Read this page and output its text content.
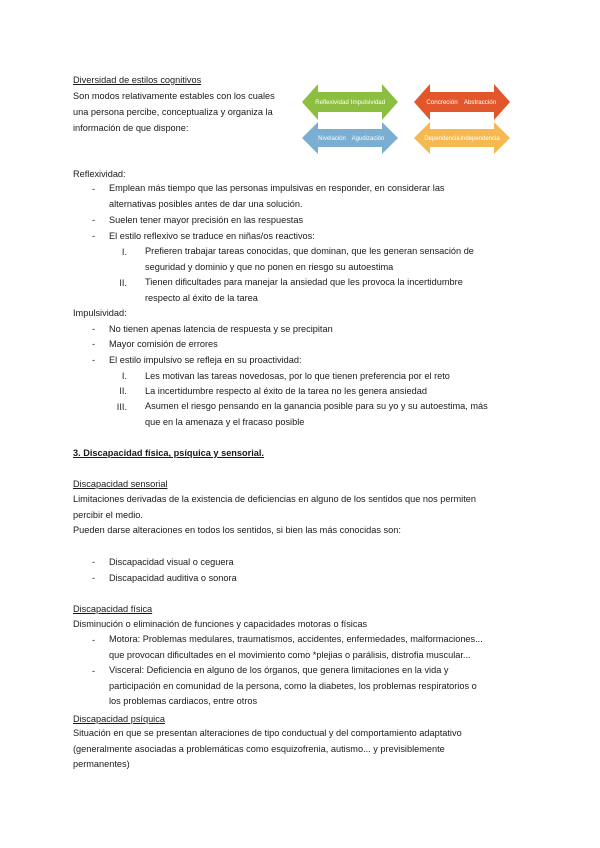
Diversidad de estilos cognitivos
Son modos relativamente estables con los cuales
una persona percibe, conceptualiza y organiza la
información de que dispone:
Reflexividad Impulsividad	Concreción Abstracción
Nivelación Agudización	Dependencia Independencia
Reflexividad:
- Emplean más tiempo que las personas impulsivas en responder, en considerar las
alternativas posibles antes de dar una solución.
- Suelen tener mayor precisión en las respuestas
- El estilo reflexivo se traduce en niñas/os reactivos:
I. Prefieren trabajar tareas conocidas, que dominan, que les generan sensación de
seguridad y dominio y que no ponen en riesgo su autoestima
II. Tienen dificultades para manejar la ansiedad que les provoca la incertidumbre
respecto al éxito de la tarea
Impulsividad:
- No tienen apenas latencia de respuesta y se precipitan
- Mayor comisión de errores
- El estilo impulsivo se refleja en su proactividad:
I. Les motivan las tareas novedosas, por lo que tienen preferencia por el reto
II. La incertidumbre respecto al éxito de la tarea no les genera ansiedad
III. Asumen el riesgo pensando en la ganancia posible para su yo y su autoestima, más
que en la amenaza y el fracaso posible
3. Discapacidad física, psíquica y sensorial.
Discapacidad sensorial
Limitaciones derivadas de la existencia de deficiencias en alguno de los sentidos que nos permiten
percibir el medio.
Pueden darse alteraciones en todos los sentidos, si bien las más conocidas son:
- Discapacidad visual o ceguera
- Discapacidad auditiva o sonora
Discapacidad física
Disminución o eliminación de funciones y capacidades motoras o físicas
- Motora: Problemas medulares, traumatismos, accidentes, enfermedades, malformaciones...
que provocan dificultades en el movimiento como *plejias o parálisis, distrofia muscular...
- Visceral: Deficiencia en alguno de los órganos, que genera limitaciones en la vida y
participación en comunidad de la persona, como la diabetes, los problemas respiratorios o
los problemas cardiacos, entre otros
Discapacidad psíquica
Situación en que se presentan alteraciones de tipo conductual y del comportamiento adaptativo
(generalmente asociadas a problemáticas como esquizofrenia, autismo... y previsiblemente
permanentes)
